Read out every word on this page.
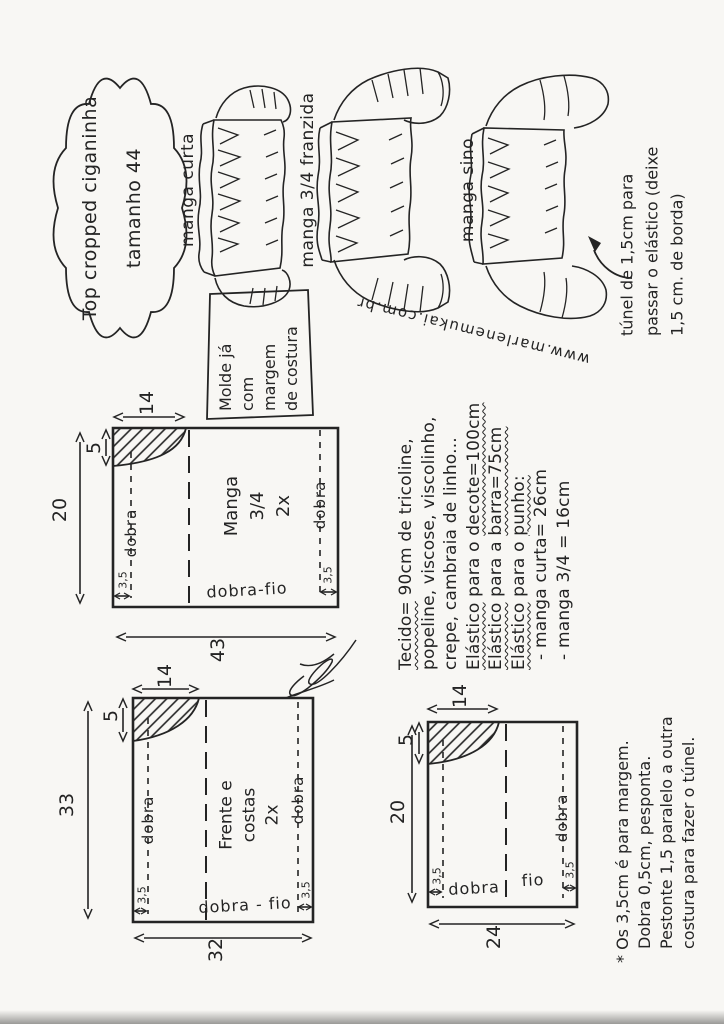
Top cropped ciganinha	tamanho 44	manga curta	manga 3/4 franzida	manga sino	túnel de 1,5cm para passar o elástico (deixe 1,5 cm. de borda)
Molde já com margem de costura	www.marlenemukai.com.br
Tecido= 90cm de tricoline, popeline, viscose, viscolinho, crepe, cambraia de linho... Elástico para o decote=100cm
Elástico para a barra=75cm
Elástico para o punho: - manga curta= 26cm - manga 3/4 = 16cm
* Os 3,5cm é para margem. Dobra 0,5cm, pesponta. Pestonte 1,5 paralelo a outra costura para fazer o túnel.
Manga 3/4 2x
20
43
14
5
dobra
dobra
3,5	3,5
dobra-fio
Frente e costas 2x
33
32
14
5
dobra	dobra
3,5	3,5
dobra - fio
20
24
14
5
dobra
3,5	3,5
dobra fio
